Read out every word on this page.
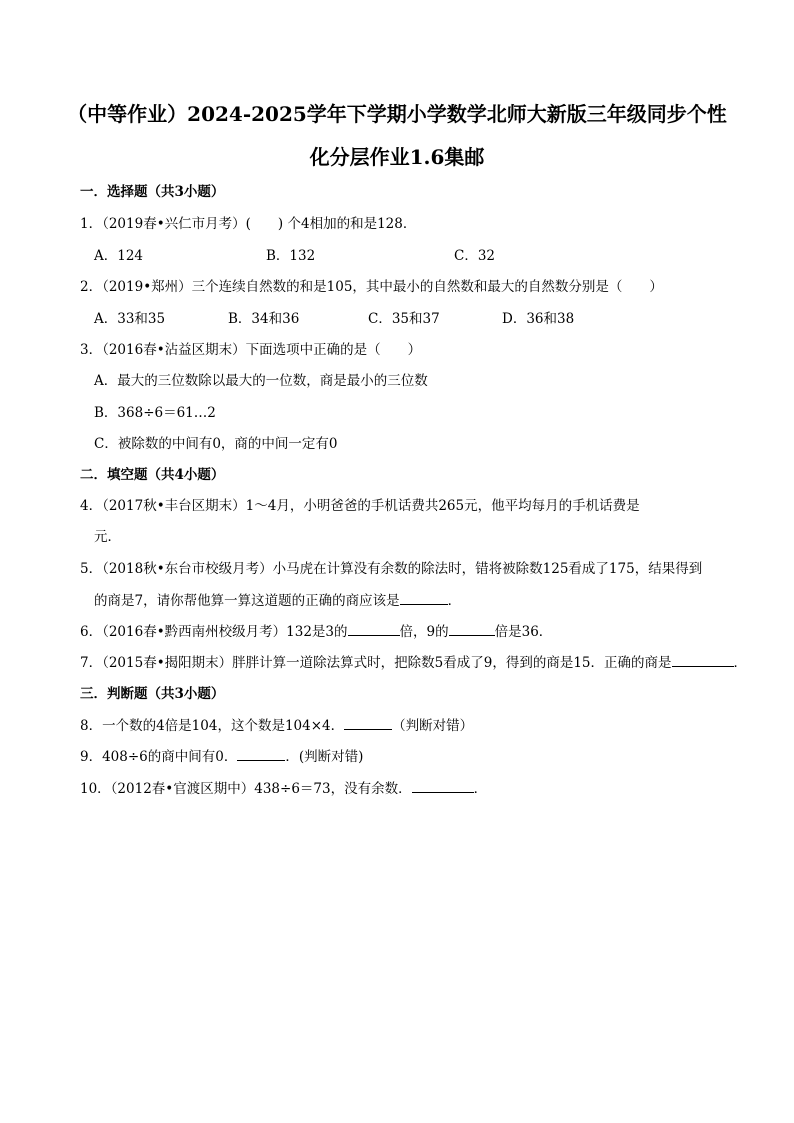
（中等作业）2024-2025学年下学期小学数学北师大新版三年级同步个性
化分层作业1.6集邮
一．选择题（共3小题）
1．（2019春•兴仁市月考）(　　) 个4相加的和是128．
A．124	B．132	C．32
2．（2019•郑州）三个连续自然数的和是105，其中最小的自然数和最大的自然数分别是（　　）
A．33和35	B．34和36	C．35和37	D．36和38
3．（2016春•沾益区期末）下面选项中正确的是（　　）
A．最大的三位数除以最大的一位数，商是最小的三位数
B．368÷6＝61…2
C．被除数的中间有0，商的中间一定有0
二．填空题（共4小题）
4．（2017秋•丰台区期末）1～4月，小明爸爸的手机话费共265元，他平均每月的手机话费是
元．
5．（2018秋•东台市校级月考）小马虎在计算没有余数的除法时，错将被除数125看成了175，结果得到
的商是7，请你帮他算一算这道题的正确的商应该是	．
6．（2016春•黔西南州校级月考）132是3的	倍，9的	倍是36．
7．（2015春•揭阳期末）胖胖计算一道除法算式时，把除数5看成了9，得到的商是15．正确的商是	．
三．判断题（共3小题）
8．一个数的4倍是104，这个数是104×4．	（判断对错）
9．408÷6的商中间有0．	．(判断对错)
10．（2012春•官渡区期中）438÷6＝73，没有余数．	．
